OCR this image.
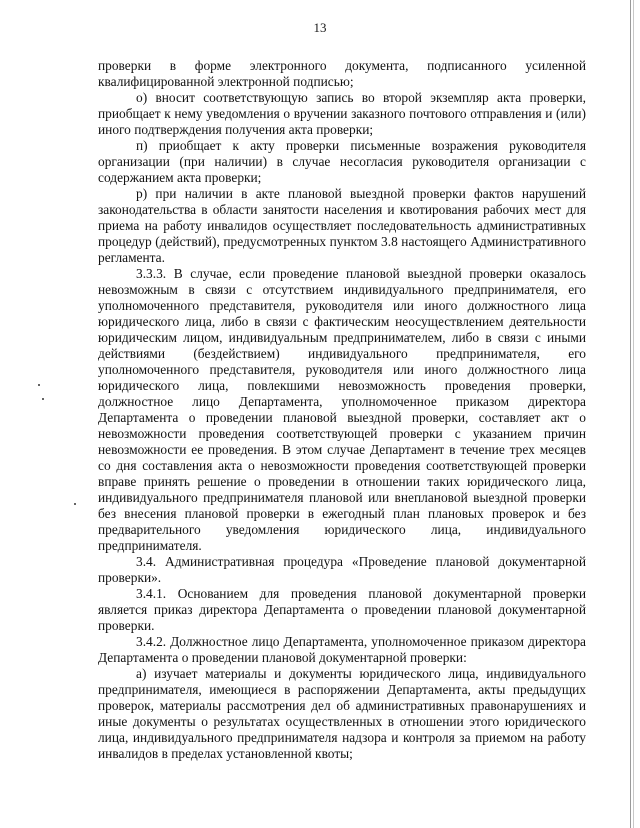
13

проверки в форме электронного документа, подписанного усиленной квалифицированной электронной подписью;

о) вносит соответствующую запись во второй экземпляр акта проверки, приобщает к нему уведомления о вручении заказного почтового отправления и (или) иного подтверждения получения акта проверки;

п) приобщает к акту проверки письменные возражения руководителя организации (при наличии) в случае несогласия руководителя организации с содержанием акта проверки;

р) при наличии в акте плановой выездной проверки фактов нарушений законодательства в области занятости населения и квотирования рабочих мест для приема на работу инвалидов осуществляет последовательность административных процедур (действий), предусмотренных пунктом 3.8 настоящего Административного регламента.

3.3.3. В случае, если проведение плановой выездной проверки оказалось невозможным в связи с отсутствием индивидуального предпринимателя, его уполномоченного представителя, руководителя или иного должностного лица юридического лица, либо в связи с фактическим неосуществлением деятельности юридическим лицом, индивидуальным предпринимателем, либо в связи с иными действиями (бездействием) индивидуального предпринимателя, его уполномоченного представителя, руководителя или иного должностного лица юридического лица, повлекшими невозможность проведения проверки, должностное лицо Департамента, уполномоченное приказом директора Департамента о проведении плановой выездной проверки, составляет акт о невозможности проведения соответствующей проверки с указанием причин невозможности ее проведения. В этом случае Департамент в течение трех месяцев со дня составления акта о невозможности проведения соответствующей проверки вправе принять решение о проведении в отношении таких юридического лица, индивидуального предпринимателя плановой или внеплановой выездной проверки без внесения плановой проверки в ежегодный план плановых проверок и без предварительного уведомления юридического лица, индивидуального предпринимателя.

3.4. Административная процедура «Проведение плановой документарной проверки».

3.4.1. Основанием для проведения плановой документарной проверки является приказ директора Департамента о проведении плановой документарной проверки.

3.4.2. Должностное лицо Департамента, уполномоченное приказом директора Департамента о проведении плановой документарной проверки:

а) изучает материалы и документы юридического лица, индивидуального предпринимателя, имеющиеся в распоряжении Департамента, акты предыдущих проверок, материалы рассмотрения дел об административных правонарушениях и иные документы о результатах осуществленных в отношении этого юридического лица, индивидуального предпринимателя надзора и контроля за приемом на работу инвалидов в пределах установленной квоты;
